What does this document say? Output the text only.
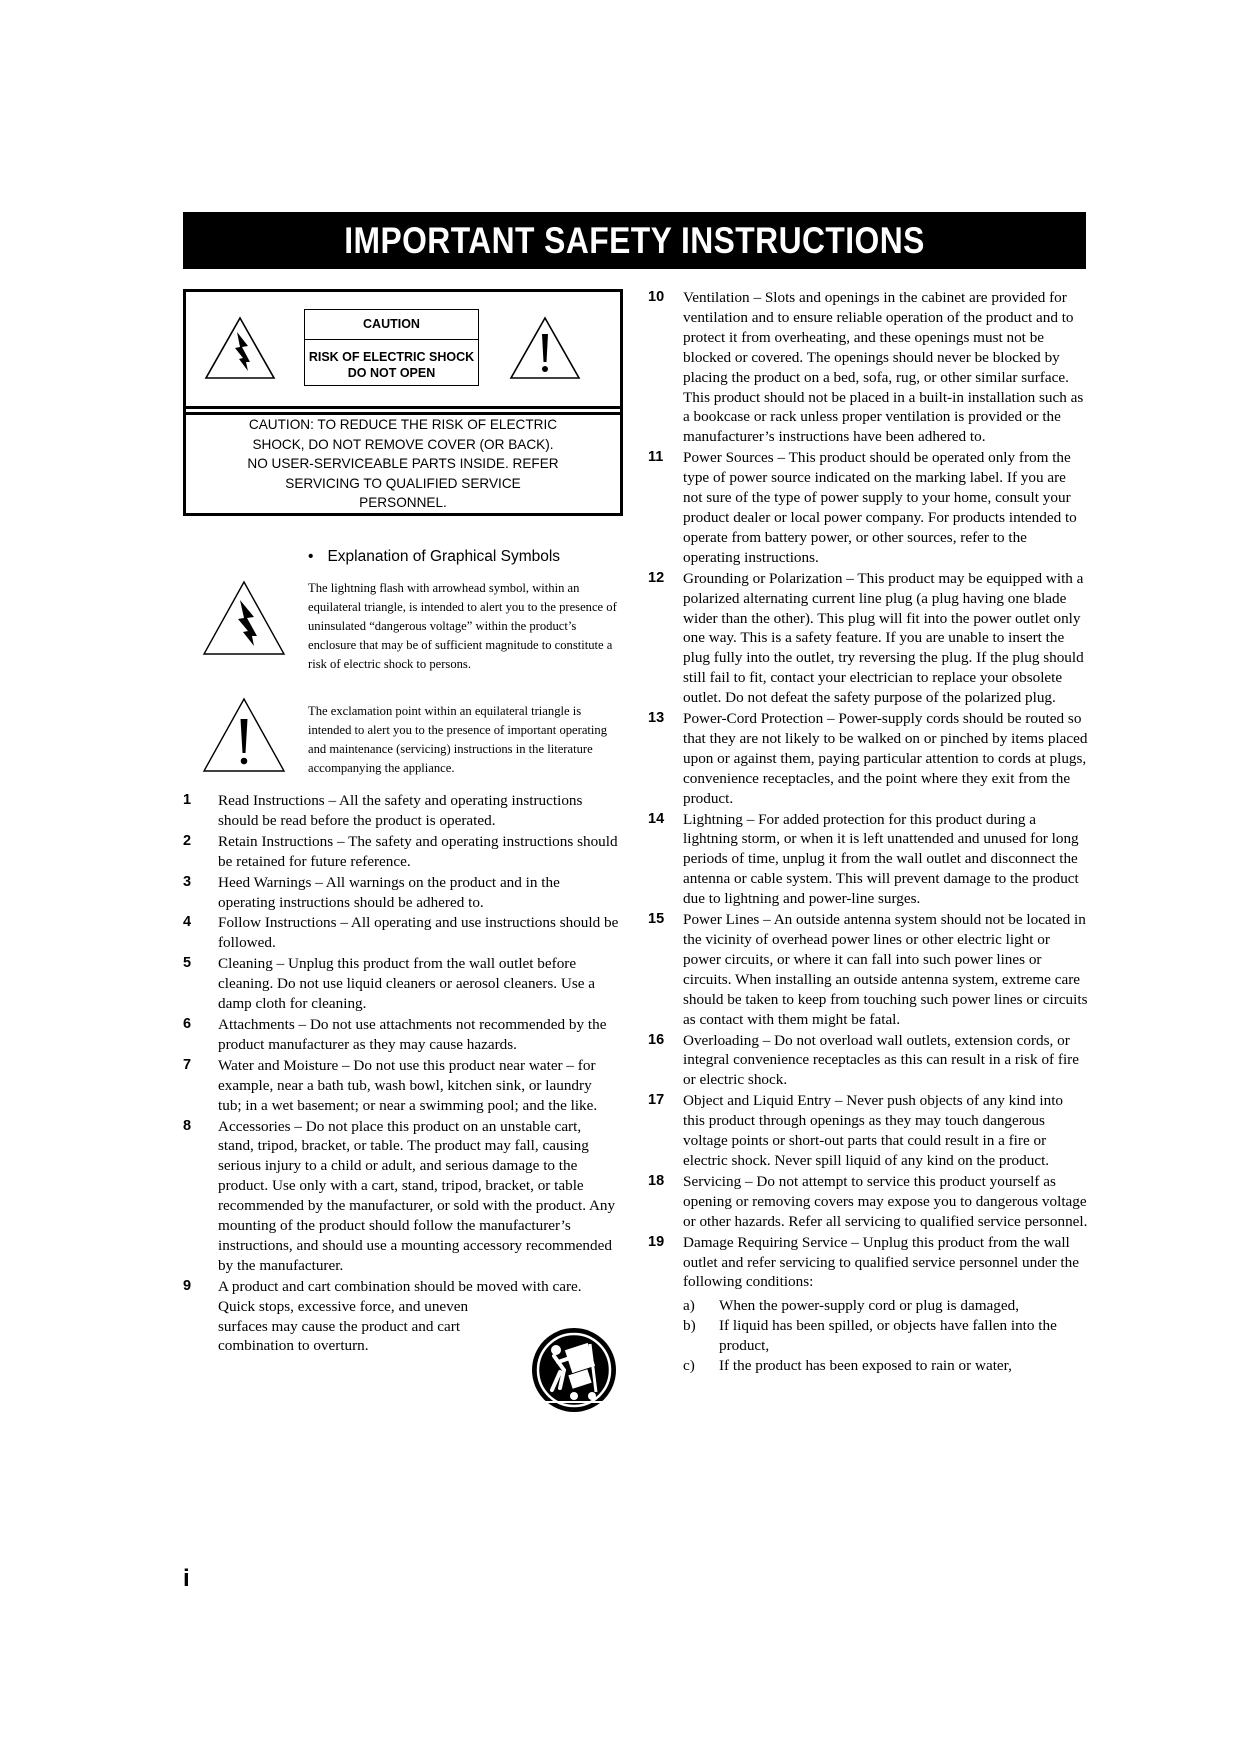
IMPORTANT SAFETY INSTRUCTIONS
CAUTION
RISK OF ELECTRIC SHOCK
DO NOT OPEN
CAUTION: TO REDUCE THE RISK OF ELECTRIC SHOCK, DO NOT REMOVE COVER (OR BACK). NO USER-SERVICEABLE PARTS INSIDE. REFER SERVICING TO QUALIFIED SERVICE PERSONNEL.
• Explanation of Graphical Symbols
The lightning flash with arrowhead symbol, within an equilateral triangle, is intended to alert you to the presence of uninsulated “dangerous voltage” within the product’s enclosure that may be of sufficient magnitude to constitute a risk of electric shock to persons.
The exclamation point within an equilateral triangle is intended to alert you to the presence of important operating and maintenance (servicing) instructions in the literature accompanying the appliance.
1 Read Instructions – All the safety and operating instructions should be read before the product is operated.
2 Retain Instructions – The safety and operating instructions should be retained for future reference.
3 Heed Warnings – All warnings on the product and in the operating instructions should be adhered to.
4 Follow Instructions – All operating and use instructions should be followed.
5 Cleaning – Unplug this product from the wall outlet before cleaning. Do not use liquid cleaners or aerosol cleaners. Use a damp cloth for cleaning.
6 Attachments – Do not use attachments not recommended by the product manufacturer as they may cause hazards.
7 Water and Moisture – Do not use this product near water – for example, near a bath tub, wash bowl, kitchen sink, or laundry tub; in a wet basement; or near a swimming pool; and the like.
8 Accessories – Do not place this product on an unstable cart, stand, tripod, bracket, or table. The product may fall, causing serious injury to a child or adult, and serious damage to the product. Use only with a cart, stand, tripod, bracket, or table recommended by the manufacturer, or sold with the product. Any mounting of the product should follow the manufacturer’s instructions, and should use a mounting accessory recommended by the manufacturer.
9 A product and cart combination should be moved with care.
Quick stops, excessive force, and uneven
surfaces may cause the product and cart
combination to overturn.
10 Ventilation – Slots and openings in the cabinet are provided for ventilation and to ensure reliable operation of the product and to protect it from overheating, and these openings must not be blocked or covered. The openings should never be blocked by placing the product on a bed, sofa, rug, or other similar surface. This product should not be placed in a built-in installation such as a bookcase or rack unless proper ventilation is provided or the manufacturer’s instructions have been adhered to.
11 Power Sources – This product should be operated only from the type of power source indicated on the marking label. If you are not sure of the type of power supply to your home, consult your product dealer or local power company. For products intended to operate from battery power, or other sources, refer to the operating instructions.
12 Grounding or Polarization – This product may be equipped with a polarized alternating current line plug (a plug having one blade wider than the other). This plug will fit into the power outlet only one way. This is a safety feature. If you are unable to insert the plug fully into the outlet, try reversing the plug. If the plug should still fail to fit, contact your electrician to replace your obsolete outlet. Do not defeat the safety purpose of the polarized plug.
13 Power-Cord Protection – Power-supply cords should be routed so that they are not likely to be walked on or pinched by items placed upon or against them, paying particular attention to cords at plugs, convenience receptacles, and the point where they exit from the product.
14 Lightning – For added protection for this product during a lightning storm, or when it is left unattended and unused for long periods of time, unplug it from the wall outlet and disconnect the antenna or cable system. This will prevent damage to the product due to lightning and power-line surges.
15 Power Lines – An outside antenna system should not be located in the vicinity of overhead power lines or other electric light or power circuits, or where it can fall into such power lines or circuits. When installing an outside antenna system, extreme care should be taken to keep from touching such power lines or circuits as contact with them might be fatal.
16 Overloading – Do not overload wall outlets, extension cords, or integral convenience receptacles as this can result in a risk of fire or electric shock.
17 Object and Liquid Entry – Never push objects of any kind into this product through openings as they may touch dangerous voltage points or short-out parts that could result in a fire or electric shock. Never spill liquid of any kind on the product.
18 Servicing – Do not attempt to service this product yourself as opening or removing covers may expose you to dangerous voltage or other hazards. Refer all servicing to qualified service personnel.
19 Damage Requiring Service – Unplug this product from the wall outlet and refer servicing to qualified service personnel under the following conditions:
a) When the power-supply cord or plug is damaged,
b) If liquid has been spilled, or objects have fallen into the product,
c) If the product has been exposed to rain or water,
i
